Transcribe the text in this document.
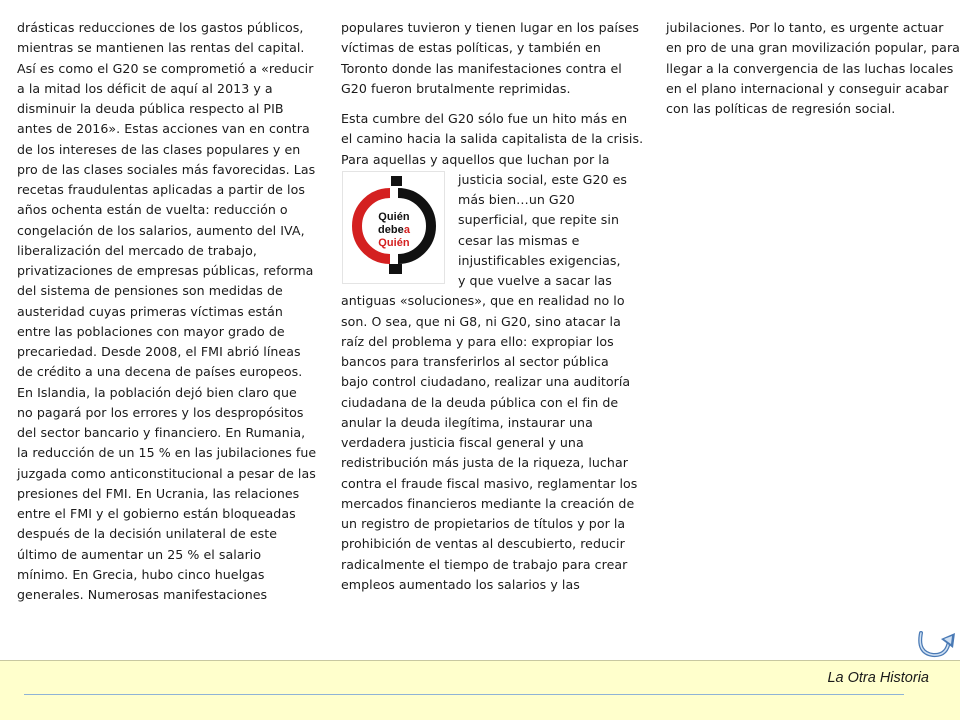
drásticas reducciones de los gastos públicos,
mientras se mantienen las rentas del capital.
Así es como el G20 se comprometió a «reducir
a la mitad los déficit de aquí al 2013 y a
disminuir la deuda pública respecto al PIB
antes de 2016». Estas acciones van en contra
de los intereses de las clases populares y en
pro de las clases sociales más favorecidas. Las
recetas fraudulentas aplicadas a partir de los
años ochenta están de vuelta: reducción o
congelación de los salarios, aumento del IVA,
liberalización del mercado de trabajo,
privatizaciones de empresas públicas, reforma
del sistema de pensiones son medidas de
austeridad cuyas primeras víctimas están
entre las poblaciones con mayor grado de
precariedad. Desde 2008, el FMI abrió líneas
de crédito a una decena de países europeos.
En Islandia, la población dejó bien claro que
no pagará por los errores y los despropósitos
del sector bancario y financiero. En Rumania,
la reducción de un 15 % en las jubilaciones fue
juzgada como anticonstitucional a pesar de las
presiones del FMI. En Ucrania, las relaciones
entre el FMI y el gobierno están bloqueadas
después de la decisión unilateral de este
último de aumentar un 25 % el salario
mínimo. En Grecia, hubo cinco huelgas
generales. Numerosas manifestaciones

populares tuvieron y tienen lugar en los países
víctimas de estas políticas, y también en
Toronto donde las manifestaciones contra el
G20 fueron brutalmente reprimidas.

Esta cumbre del G20 sólo fue un hito más en
el camino hacia la salida capitalista de la crisis.
Para aquellas y aquellos que luchan por la
Quién
debea
Quién
justicia social, este G20 es
más bien…un G20
superficial, que repite sin
cesar las mismas e
injustificables exigencias,
y que vuelve a sacar las
antiguas «soluciones», que en realidad no lo
son. O sea, que ni G8, ni G20, sino atacar la
raíz del problema y para ello: expropiar los
bancos para transferirlos al sector pública
bajo control ciudadano, realizar una auditoría
ciudadana de la deuda pública con el fin de
anular la deuda ilegítima, instaurar una
verdadera justicia fiscal general y una
redistribución más justa de la riqueza, luchar
contra el fraude fiscal masivo, reglamentar los
mercados financieros mediante la creación de
un registro de propietarios de títulos y por la
prohibición de ventas al descubierto, reducir
radicalmente el tiempo de trabajo para crear
empleos aumentado los salarios y las

jubilaciones. Por lo tanto, es urgente actuar
en pro de una gran movilización popular, para
llegar a la convergencia de las luchas locales
en el plano internacional y conseguir acabar
con las políticas de regresión social.

La Otra Historia
